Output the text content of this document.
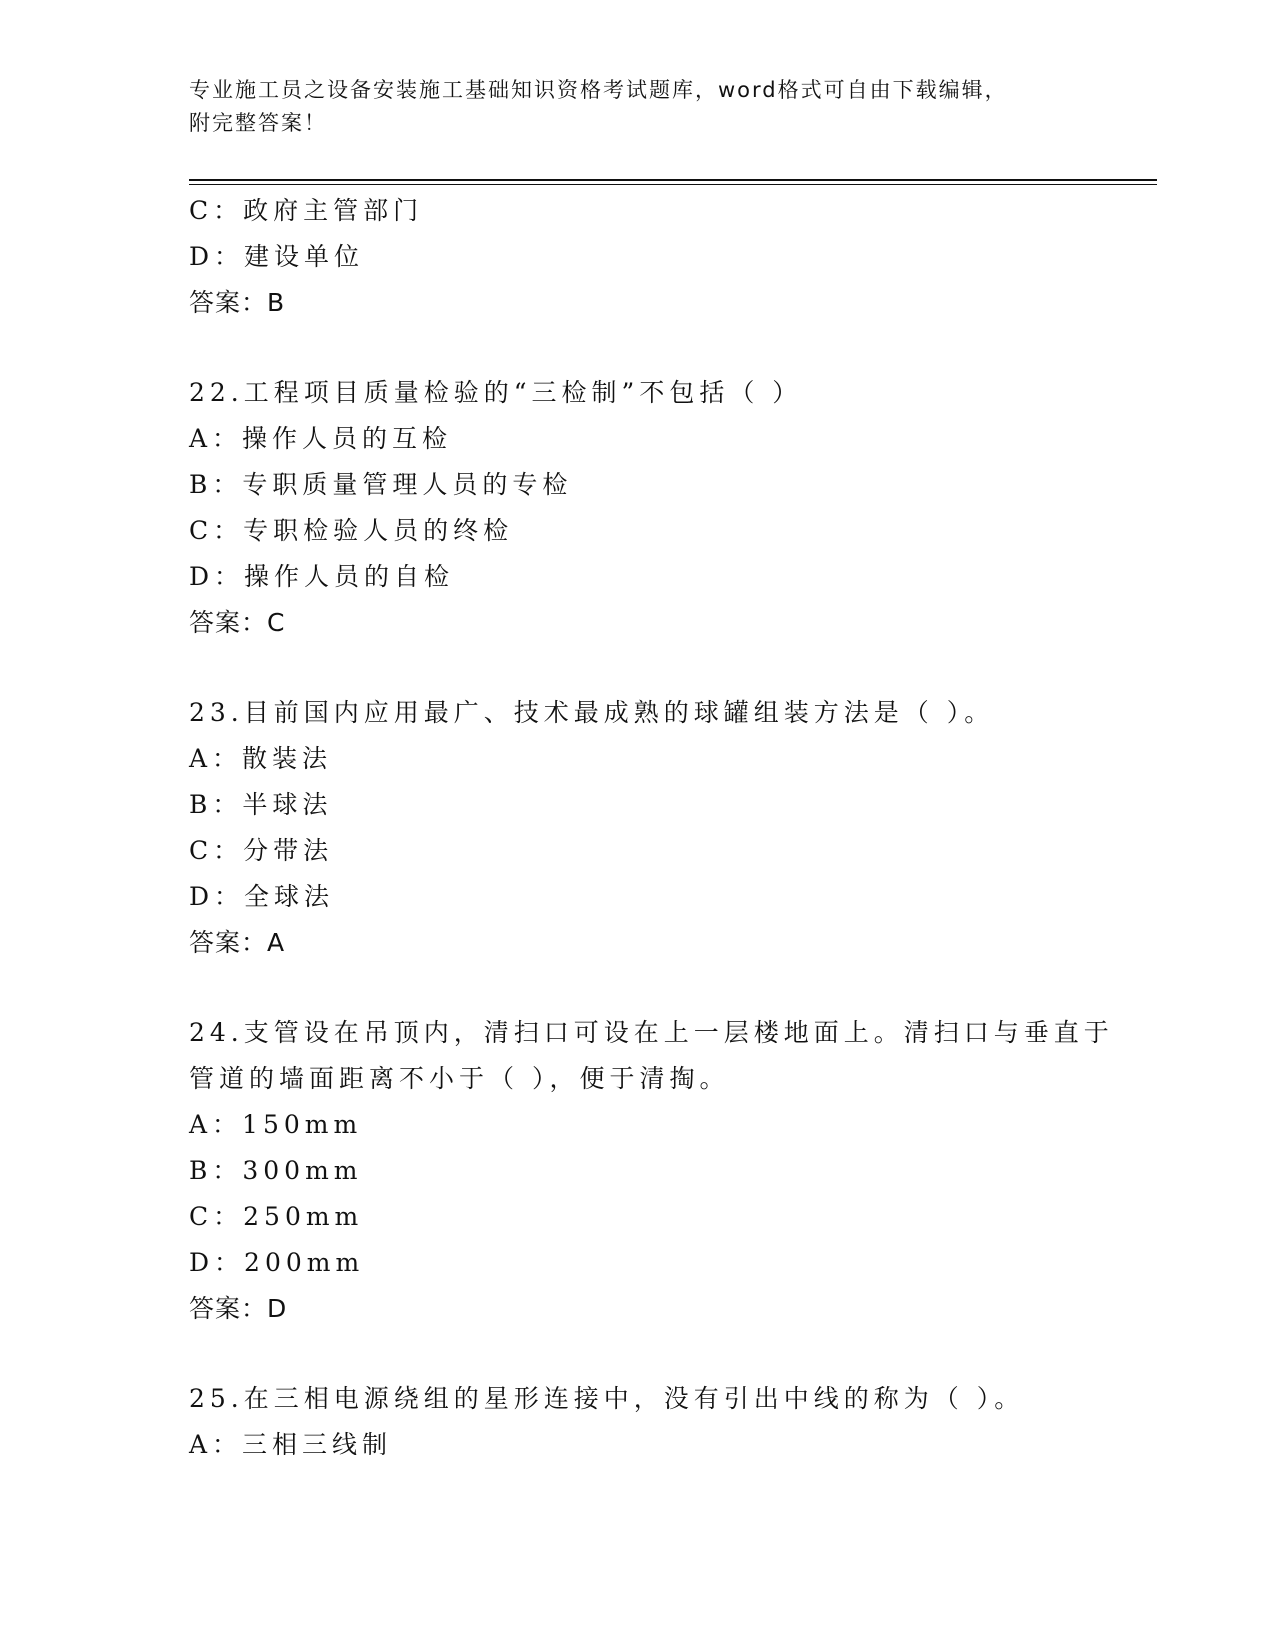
专业施工员之设备安装施工基础知识资格考试题库，word格式可自由下载编辑，
附完整答案！
C：政府主管部门
D：建设单位
答案：B
22.工程项目质量检验的“三检制”不包括（ ）
A：操作人员的互检
B：专职质量管理人员的专检
C：专职检验人员的终检
D：操作人员的自检
答案：C
23.目前国内应用最广、技术最成熟的球罐组装方法是（ ）。
A：散装法
B：半球法
C：分带法
D：全球法
答案：A
24.支管设在吊顶内，清扫口可设在上一层楼地面上。清扫口与垂直于
管道的墙面距离不小于（ ），便于清掏。
A：150mm
B：300mm
C：250mm
D：200mm
答案：D
25.在三相电源绕组的星形连接中，没有引出中线的称为（ ）。
A：三相三线制
